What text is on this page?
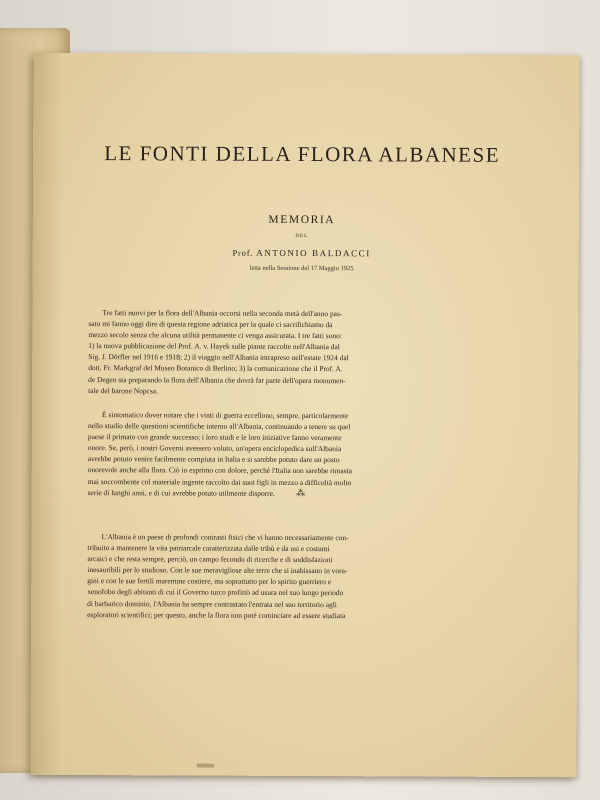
LE FONTI DELLA FLORA ALBANESE
MEMORIA
DEL
Prof. ANTONIO BALDACCI
letta nella Sessione del 17 Maggio 1925
Tre fatti nuovi per la flora dell'Albania occorsi nella seconda metà dell'anno pas-
sato mi fanno oggi dire di questa regione adriatica per la quale ci sacrifichiamo da
mezzo secolo senza che alcuna utilità permanente ci venga assicurata. I tre fatti sono:
1) la nuova pubblicazione del Prof. A. v. Hayek sulle piante raccolte nell'Albania dal
Sig. J. Dörfler nel 1916 e 1918; 2) il viaggio nell'Albania intrapreso nell'estate 1924 dal
dott. Fr. Markgraf del Museo Botanico di Berlino; 3) la comunicazione che il Prof. A.
de Degen sta preparando la flora dell'Albania che dovrà far parte dell'opera monumen-
tale del barone Nopcsa.
È sintomatico dover notare che i vinti di guerra eccellono, sempre, particolarmente
nello studio delle questioni scientifiche interno all'Albania, continuando a tenere su quel
paese il primato con grande successo; i loro studi e le loro iniziative fanno veramente
onore. Se, però, i nostri Governi avessero voluto, un'opera enciclopedica sull'Albania
avrebbe potuto venire facilmente compiuta in Italia e si sarebbe potuto dare un posto
onorevole anche alla flora. Ciò io esprimo con dolore, perchè l'Italia non sarebbe rimasta
mai soccombente col materiale ingente raccolto dai suoi figli in mezzo a difficoltà molto
serie di lunghi anni, e di cui avrebbe potuto utilmente disporre.	⁂
L'Albania è un paese di profondi contrasti fisici che vi hanno necessariamente con-
tribuito a mantenere la vita patriarcale caratterizzata dalle tribù e da usi e costumi
arcaici e che resta sempre, perciò, un campo fecondo di ricerche e di soddisfazioni
inesauribili per lo studioso. Con le sue meravigliose alte terre che si inabissano in vora-
gini e con le sue fertili maremme costiere, ma soprattutto per lo spirito guerriero e
xenofobo degli abitanti di cui il Governo turco profittò ad usura nel suo lungo periodo
di barbarico dominio, l'Albania ha sempre contrastato l'entrata nel suo territorio agli
esploratori scientifici; per questo, anche la flora non potè cominciare ad essere studiata
